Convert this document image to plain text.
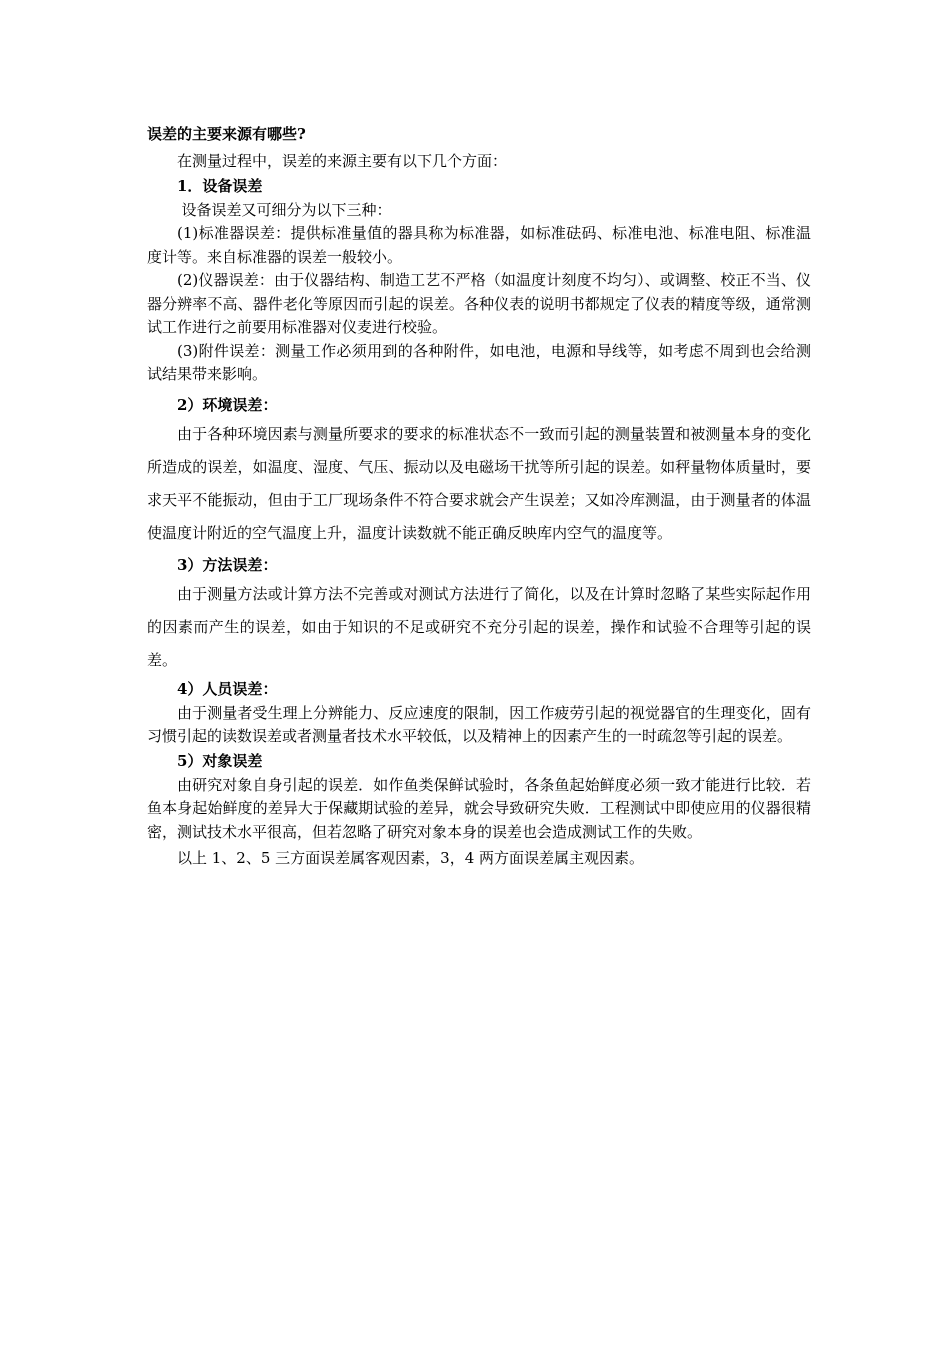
误差的主要来源有哪些?

在测量过程中，误差的来源主要有以下几个方面：

1．设备误差

设备误差又可细分为以下三种：

(1)标准器误差：提供标准量值的器具称为标准器，如标准砝码、标准电池、标准电阻、标准温度计等。来自标准器的误差一般较小。

(2)仪器误差：由于仪器结构、制造工艺不严格（如温度计刻度不均匀）、或调整、校正不当、仪器分辨率不高、器件老化等原因而引起的误差。各种仪表的说明书都规定了仪表的精度等级，通常测试工作进行之前要用标准器对仪麦进行校验。

(3)附件误差：测量工作必须用到的各种附件，如电池，电源和导线等，如考虑不周到也会给测试结果带来影响。

2）环境误差：

由于各种环境因素与测量所要求的要求的标准状态不一致而引起的测量装置和被测量本身的变化所造成的误差，如温度、湿度、气压、振动以及电磁场干扰等所引起的误差。如秤量物体质量时，要求天平不能振动，但由于工厂现场条件不符合要求就会产生误差；又如冷库测温，由于测量者的体温使温度计附近的空气温度上升，温度计读数就不能正确反映库内空气的温度等。

3）方法误差：

由于测量方法或计算方法不完善或对测试方法进行了简化，以及在计算时忽略了某些实际起作用的因素而产生的误差，如由于知识的不足或研究不充分引起的误差，操作和试验不合理等引起的误差。

4）人员误差：

由于测量者受生理上分辨能力、反应速度的限制，因工作疲劳引起的视觉器官的生理变化，固有习惯引起的读数误差或者测量者技术水平较低，以及精神上的因素产生的一时疏忽等引起的误差。

5）对象误差

由研究对象自身引起的误差．如作鱼类保鲜试验时，各条鱼起始鲜度必须一致才能进行比较．若鱼本身起始鲜度的差异大于保藏期试验的差异，就会导致研究失败．工程测试中即使应用的仪器很精密，测试技术水平很高，但若忽略了研究对象本身的误差也会造成测试工作的失败。

以上 1、2、5 三方面误差属客观因素，3，4 两方面误差属主观因素。
